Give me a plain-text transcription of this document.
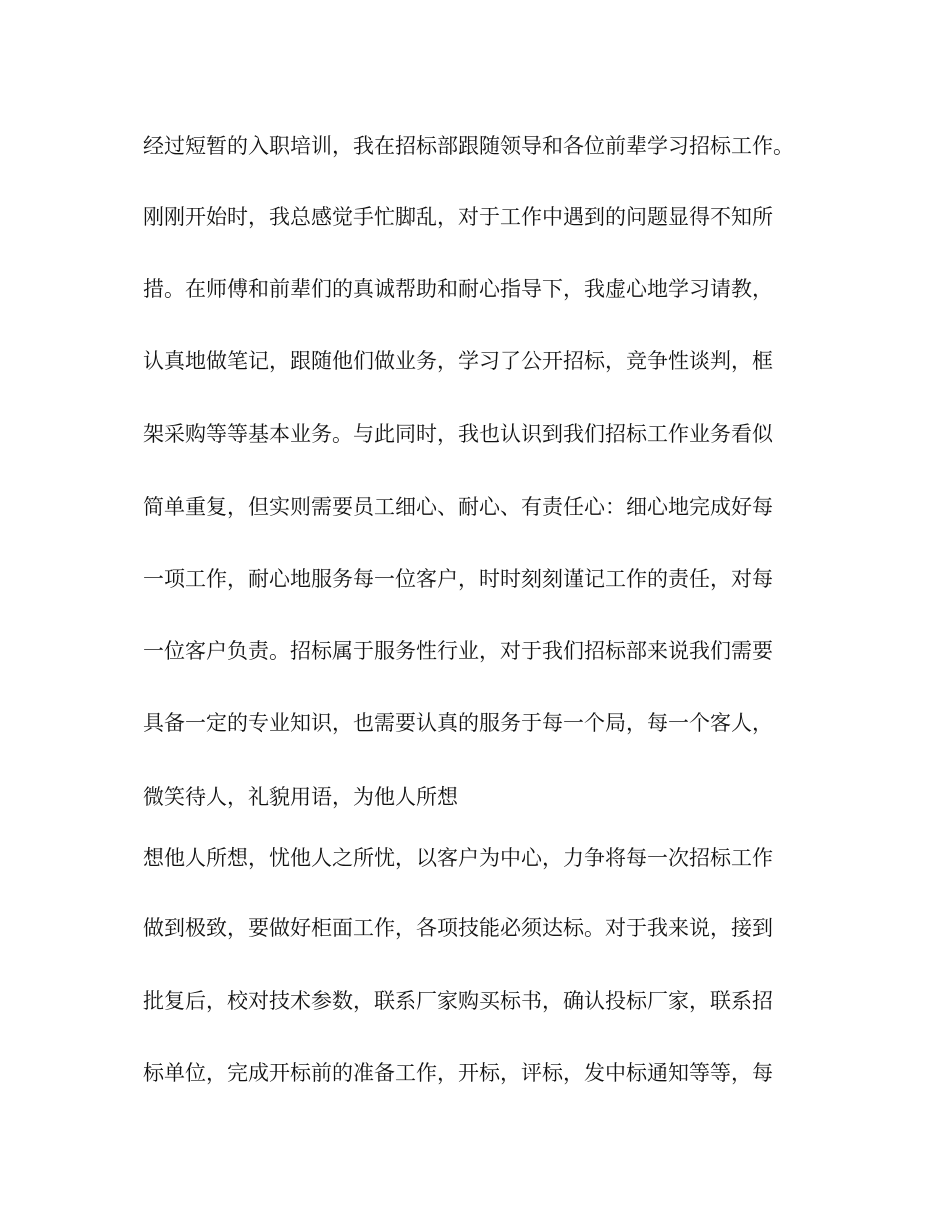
经过短暂的入职培训，我在招标部跟随领导和各位前辈学习招标工作。
刚刚开始时，我总感觉手忙脚乱，对于工作中遇到的问题显得不知所
措。在师傅和前辈们的真诚帮助和耐心指导下，我虚心地学习请教，
认真地做笔记，跟随他们做业务，学习了公开招标，竞争性谈判，框
架采购等等基本业务。与此同时，我也认识到我们招标工作业务看似
简单重复，但实则需要员工细心、耐心、有责任心：细心地完成好每
一项工作，耐心地服务每一位客户，时时刻刻谨记工作的责任，对每
一位客户负责。招标属于服务性行业，对于我们招标部来说我们需要
具备一定的专业知识，也需要认真的服务于每一个局，每一个客人，
微笑待人，礼貌用语，为他人所想
想他人所想，忧他人之所忧，以客户为中心，力争将每一次招标工作
做到极致，要做好柜面工作，各项技能必须达标。对于我来说，接到
批复后，校对技术参数，联系厂家购买标书，确认投标厂家，联系招
标单位，完成开标前的准备工作，开标，评标，发中标通知等等，每
